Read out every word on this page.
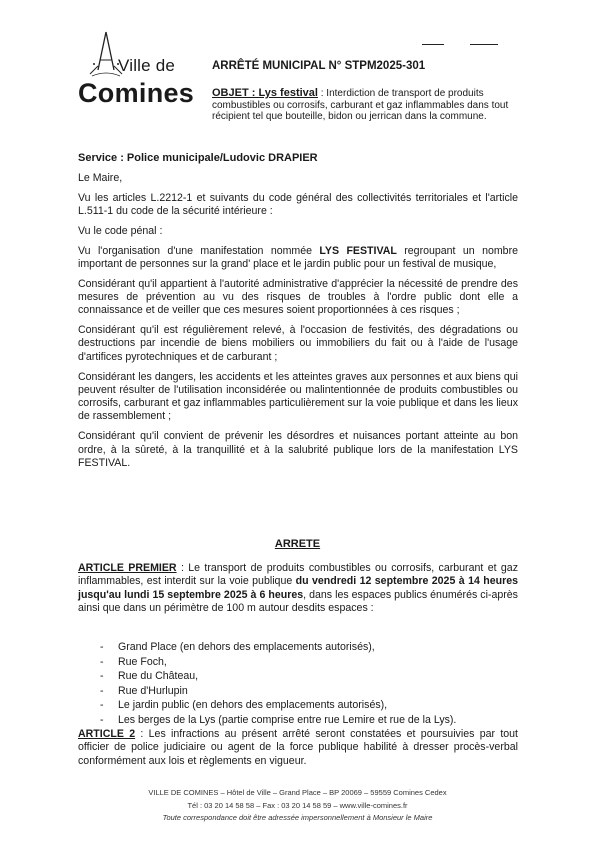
Ville de
Comines
ARRÊTÉ MUNICIPAL N° STPM2025-301
OBJET : Lys festival : Interdiction de transport de produits combustibles ou corrosifs, carburant et gaz inflammables dans tout récipient tel que bouteille, bidon ou jerrican dans la commune.
Service : Police municipale/Ludovic DRAPIER

Le Maire,

Vu les articles L.2212-1 et suivants du code général des collectivités territoriales et l'article L.511-1 du code de la sécurité intérieure :

Vu le code pénal :

Vu l'organisation d'une manifestation nommée LYS FESTIVAL regroupant un nombre important de personnes sur la grand' place et le jardin public pour un festival de musique,

Considérant qu'il appartient à l'autorité administrative d'apprécier la nécessité de prendre des mesures de prévention au vu des risques de troubles à l'ordre public dont elle a connaissance et de veiller que ces mesures soient proportionnées à ces risques ;

Considérant qu'il est régulièrement relevé, à l'occasion de festivités, des dégradations ou destructions par incendie de biens mobiliers ou immobiliers du fait ou à l'aide de l'usage d'artifices pyrotechniques et de carburant ;

Considérant les dangers, les accidents et les atteintes graves aux personnes et aux biens qui peuvent résulter de l'utilisation inconsidérée ou malintentionnée de produits combustibles ou corrosifs, carburant et gaz inflammables particulièrement sur la voie publique et dans les lieux de rassemblement ;

Considérant qu'il convient de prévenir les désordres et nuisances portant atteinte au bon ordre, à la sûreté, à la tranquillité et à la salubrité publique lors de la manifestation LYS FESTIVAL.

ARRETE

ARTICLE PREMIER : Le transport de produits combustibles ou corrosifs, carburant et gaz inflammables, est interdit sur la voie publique du vendredi 12 septembre 2025 à 14 heures jusqu'au lundi 15 septembre 2025 à 6 heures, dans les espaces publics énumérés ci-après ainsi que dans un périmètre de 100 m autour desdits espaces :

- Grand Place (en dehors des emplacements autorisés),
- Rue Foch,
- Rue du Château,
- Rue d'Hurlupin
- Le jardin public (en dehors des emplacements autorisés),
- Les berges de la Lys (partie comprise entre rue Lemire et rue de la Lys).

ARTICLE 2 : Les infractions au présent arrêté seront constatées et poursuivies par tout officier de police judiciaire ou agent de la force publique habilité à dresser procès-verbal conformément aux lois et règlements en vigueur.

VILLE DE COMINES – Hôtel de Ville – Grand Place – BP 20069 – 59559 Comines Cedex
Tél : 03 20 14 58 58 – Fax : 03 20 14 58 59 – www.ville-comines.fr
Toute correspondance doit être adressée impersonnellement à Monsieur le Maire
